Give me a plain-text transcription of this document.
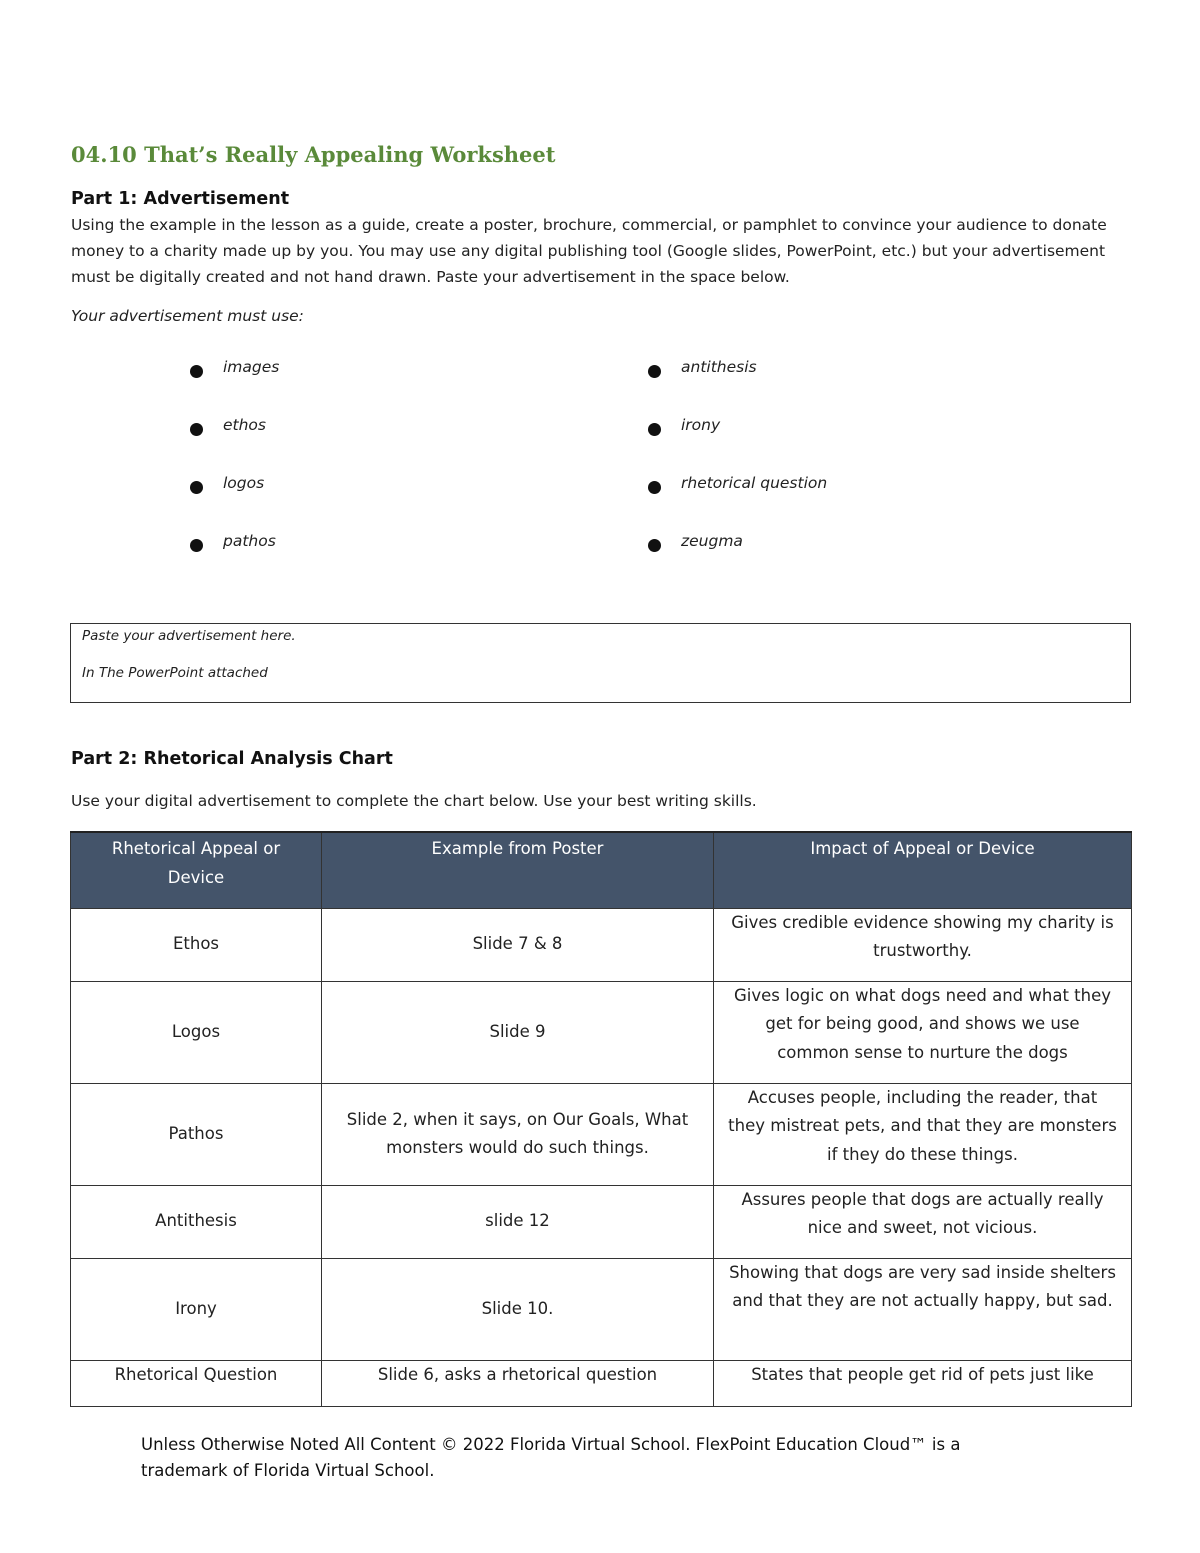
04.10 That’s Really Appealing Worksheet
Part 1: Advertisement
Using the example in the lesson as a guide, create a poster, brochure, commercial, or pamphlet to convince your audience to donate money to a charity made up by you. You may use any digital publishing tool (Google slides, PowerPoint, etc.) but your advertisement must be digitally created and not hand drawn. Paste your advertisement in the space below.
Your advertisement must use:
images
ethos
logos
pathos
antithesis
irony
rhetorical question
zeugma
Paste your advertisement here.
In The PowerPoint attached
Part 2: Rhetorical Analysis Chart
Use your digital advertisement to complete the chart below. Use your best writing skills.
Rhetorical Appeal or Device	Example from Poster	Impact of Appeal or Device
Ethos	Slide 7 & 8	Gives credible evidence showing my charity is trustworthy.
Logos	Slide 9	Gives logic on what dogs need and what they get for being good, and shows we use common sense to nurture the dogs
Pathos	Slide 2, when it says, on Our Goals, What monsters would do such things.	Accuses people, including the reader, that they mistreat pets, and that they are monsters if they do these things.
Antithesis	slide 12	Assures people that dogs are actually really nice and sweet, not vicious.
Irony	Slide 10.	Showing that dogs are very sad inside shelters and that they are not actually happy, but sad.
Rhetorical Question	Slide 6, asks a rhetorical question	States that people get rid of pets just like
Unless Otherwise Noted All Content © 2022 Florida Virtual School. FlexPoint Education Cloud™ is a trademark of Florida Virtual School.
